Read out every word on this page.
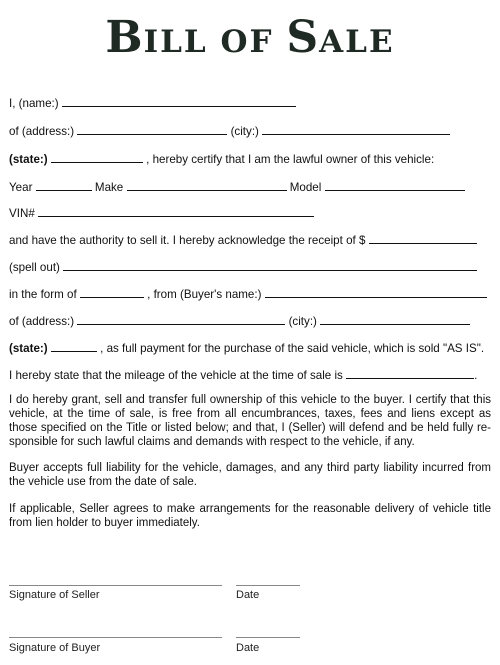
BILL OF SALE
I, (name:)
of (address:)	(city:)
(state:)	, hereby certify that I am the lawful owner of this vehicle:
Year	Make	Model
VIN#
and have the authority to sell it. I hereby acknowledge the receipt of $
(spell out)
in the form of	, from (Buyer's name:)
of (address:)	(city:)
(state:)	, as full payment for the purchase of the said vehicle, which is sold "AS IS".
I hereby state that the mileage of the vehicle at the time of sale is	.
I do hereby grant, sell and transfer full ownership of this vehicle to the buyer. I certify that this vehicle, at the time of sale, is free from all encumbrances, taxes, fees and liens except as those specified on the Title or listed below; and that, I (Seller) will defend and be held fully re-sponsible for such lawful claims and demands with respect to the vehicle, if any.
Buyer accepts full liability for the vehicle, damages, and any third party liability incurred from the vehicle use from the date of sale.
If applicable, Seller agrees to make arrangements for the reasonable delivery of vehicle title from lien holder to buyer immediately.
Signature of Seller	Date
Signature of Buyer	Date
